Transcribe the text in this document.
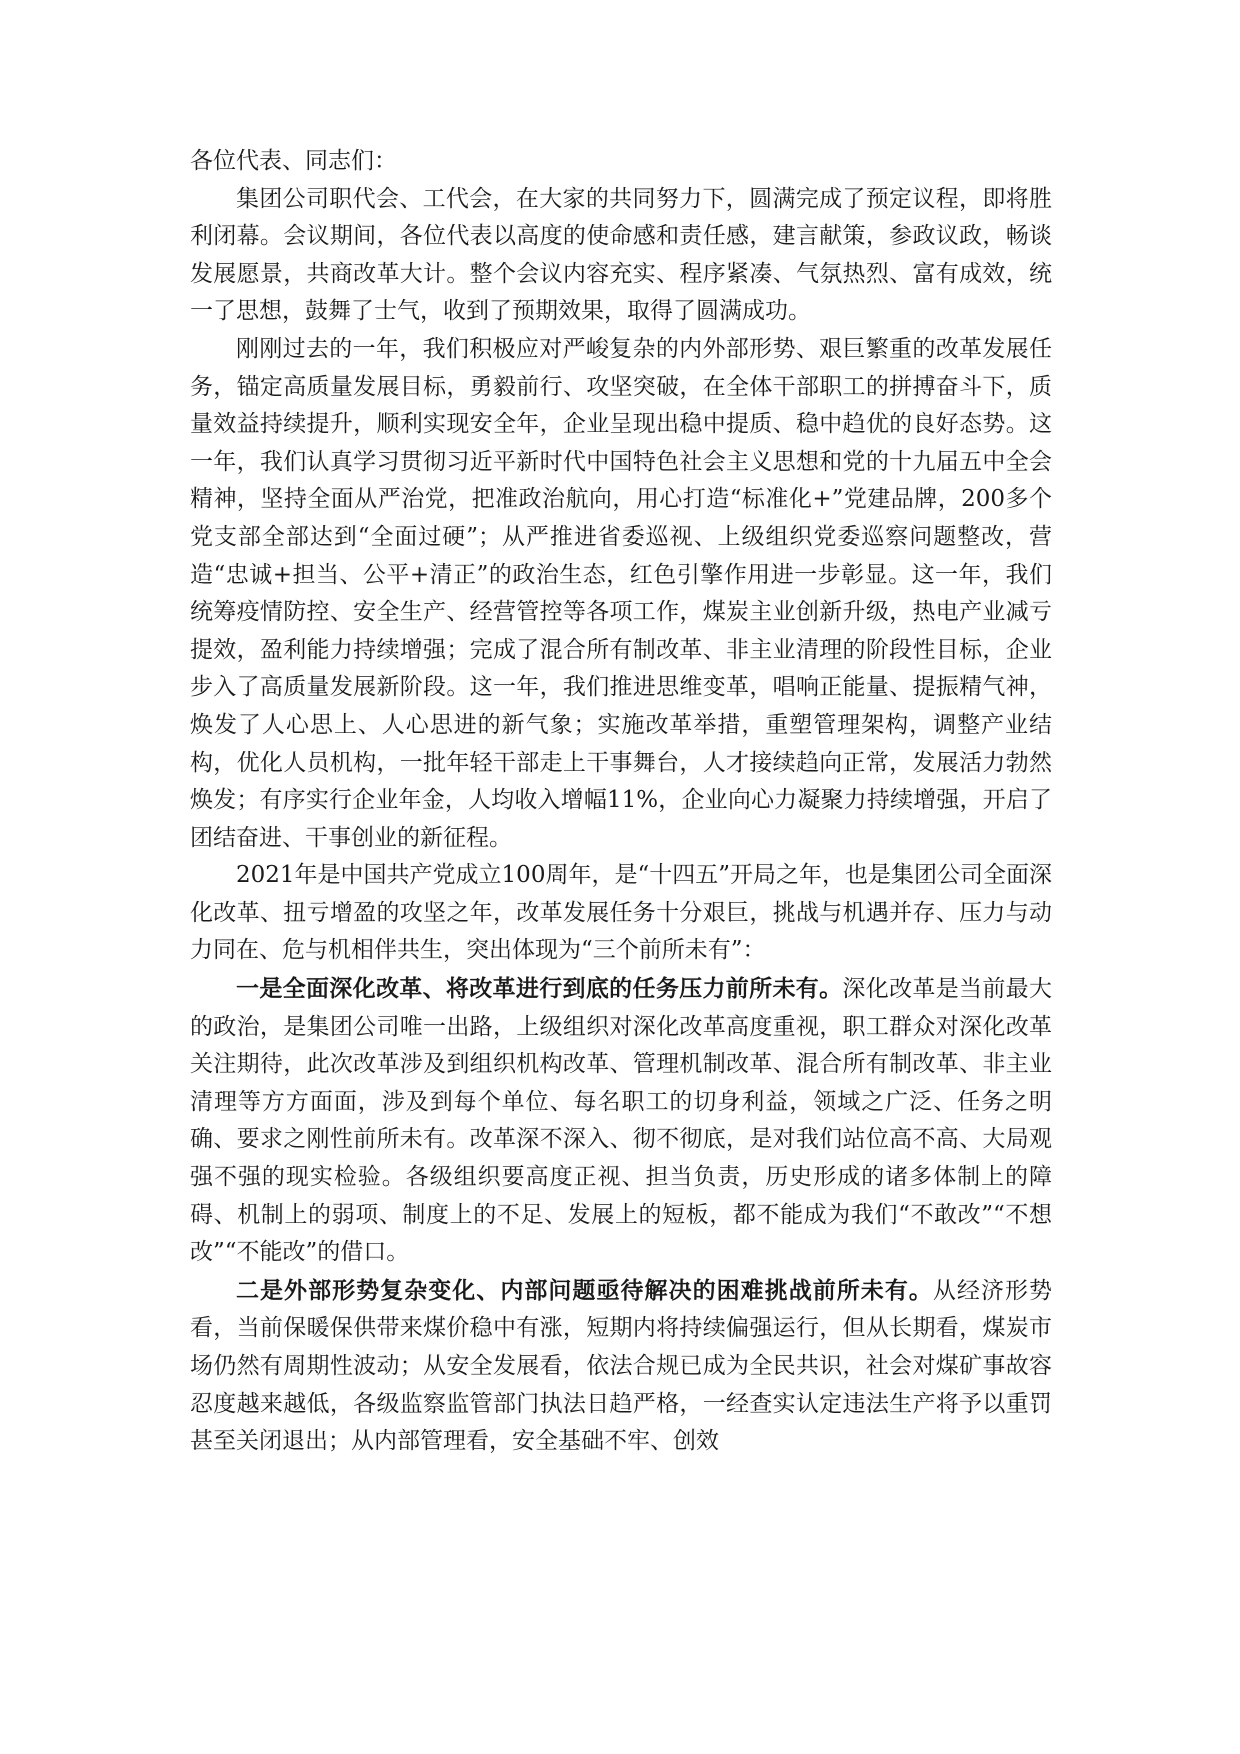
各位代表、同志们：

集团公司职代会、工代会，在大家的共同努力下，圆满完成了预定议程，即将胜利闭幕。会议期间，各位代表以高度的使命感和责任感，建言献策，参政议政，畅谈发展愿景，共商改革大计。整个会议内容充实、程序紧凑、气氛热烈、富有成效，统一了思想，鼓舞了士气，收到了预期效果，取得了圆满成功。

刚刚过去的一年，我们积极应对严峻复杂的内外部形势、艰巨繁重的改革发展任务，锚定高质量发展目标，勇毅前行、攻坚突破，在全体干部职工的拼搏奋斗下，质量效益持续提升，顺利实现安全年，企业呈现出稳中提质、稳中趋优的良好态势。这一年，我们认真学习贯彻习近平新时代中国特色社会主义思想和党的十九届五中全会精神，坚持全面从严治党，把准政治航向，用心打造“标准化+”党建品牌，200多个党支部全部达到“全面过硬”；从严推进省委巡视、上级组织党委巡察问题整改，营造“忠诚+担当、公平+清正”的政治生态，红色引擎作用进一步彰显。这一年，我们统筹疫情防控、安全生产、经营管控等各项工作，煤炭主业创新升级，热电产业减亏提效，盈利能力持续增强；完成了混合所有制改革、非主业清理的阶段性目标，企业步入了高质量发展新阶段。这一年，我们推进思维变革，唱响正能量、提振精气神，焕发了人心思上、人心思进的新气象；实施改革举措，重塑管理架构，调整产业结构，优化人员机构，一批年轻干部走上干事舞台，人才接续趋向正常，发展活力勃然焕发；有序实行企业年金，人均收入增幅11%，企业向心力凝聚力持续增强，开启了团结奋进、干事创业的新征程。

2021年是中国共产党成立100周年，是“十四五”开局之年，也是集团公司全面深化改革、扭亏增盈的攻坚之年，改革发展任务十分艰巨，挑战与机遇并存、压力与动力同在、危与机相伴共生，突出体现为“三个前所未有”：

一是全面深化改革、将改革进行到底的任务压力前所未有。深化改革是当前最大的政治，是集团公司唯一出路，上级组织对深化改革高度重视，职工群众对深化改革关注期待，此次改革涉及到组织机构改革、管理机制改革、混合所有制改革、非主业清理等方方面面，涉及到每个单位、每名职工的切身利益，领域之广泛、任务之明确、要求之刚性前所未有。改革深不深入、彻不彻底，是对我们站位高不高、大局观强不强的现实检验。各级组织要高度正视、担当负责，历史形成的诸多体制上的障碍、机制上的弱项、制度上的不足、发展上的短板，都不能成为我们“不敢改”“不想改”“不能改”的借口。

二是外部形势复杂变化、内部问题亟待解决的困难挑战前所未有。从经济形势看，当前保暖保供带来煤价稳中有涨，短期内将持续偏强运行，但从长期看，煤炭市场仍然有周期性波动；从安全发展看，依法合规已成为全民共识，社会对煤矿事故容忍度越来越低，各级监察监管部门执法日趋严格，一经查实认定违法生产将予以重罚甚至关闭退出；从内部管理看，安全基础不牢、创效
